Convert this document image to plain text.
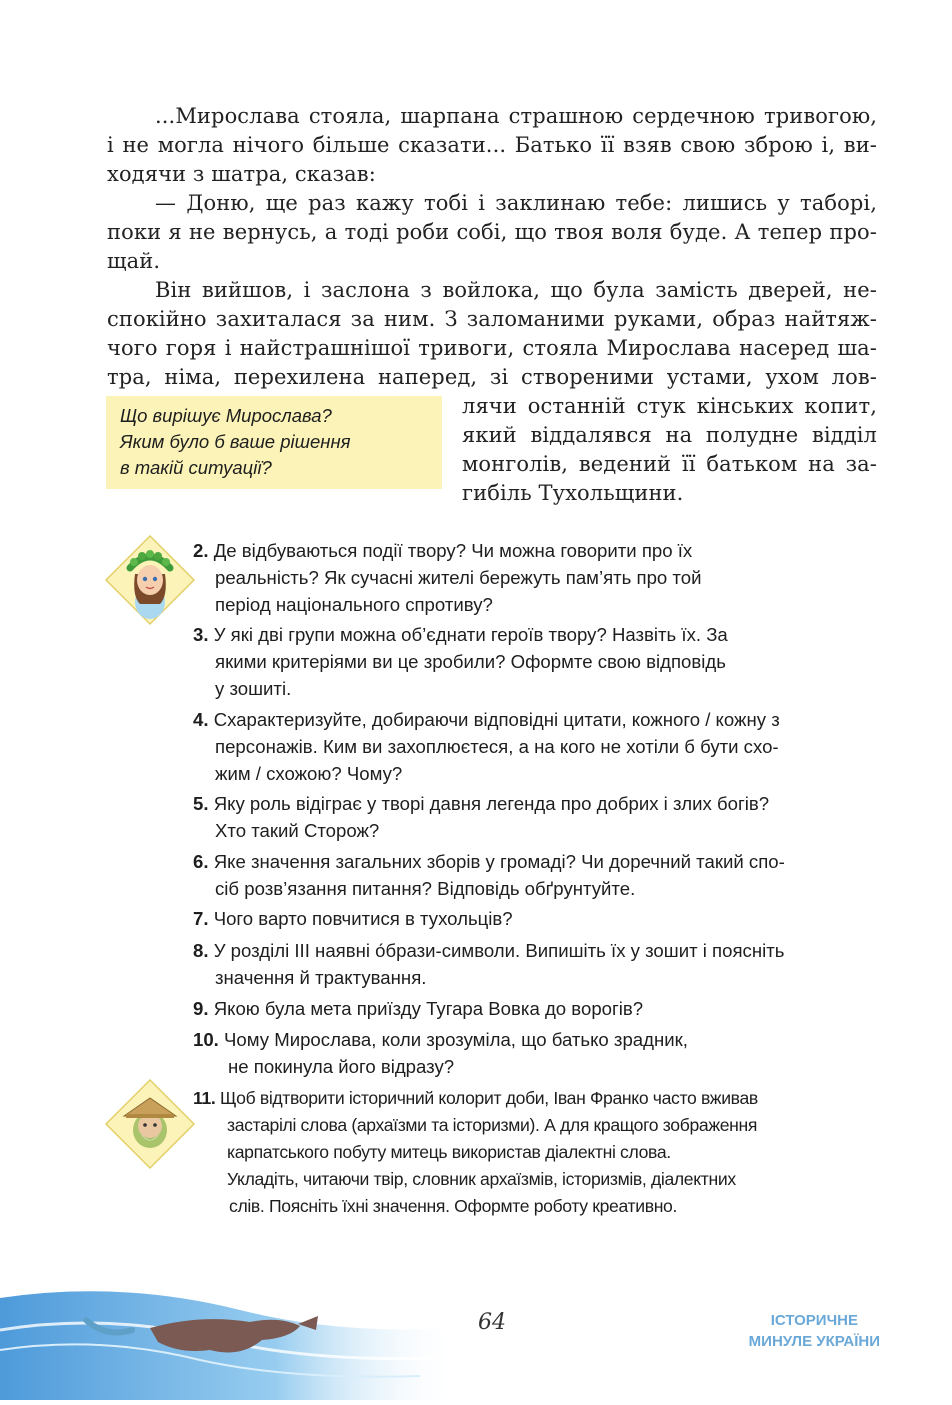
...Мирослава стояла, шарпана страшною сердечною тривогою,
і не могла нічого більше сказати... Батько її взяв свою зброю і, ви-
ходячи з шатра, сказав:
— Доню, ще раз кажу тобі і заклинаю тебе: лишись у таборі,
поки я не вернусь, а тоді роби собі, що твоя воля буде. А тепер про-
щай.
Він вийшов, і заслона з войлока, що була замість дверей, не-
спокійно захиталася за ним. З заломаними руками, образ найтяж-
чого горя і найстрашнішої тривоги, стояла Мирослава насеред ша-
тра, німа, перехилена наперед, зі створеними устами, ухом лов-
лячи останній стук кінських копит,
який віддалявся на полудне відділ
монголів, ведений її батьком на за-
гибіль Тухольщини.
Що вирішує Мирослава?
Яким було б ваше рішення
в такій ситуації?
2. Де відбуваються події твору? Чи можна говорити про їх
реальність? Як сучасні жителі бережуть пам’ять про той
період національного спротиву?
3. У які дві групи можна об’єднати героїв твору? Назвіть їх. За
якими критеріями ви це зробили? Оформте свою відповідь
у зошиті.
4. Схарактеризуйте, добираючи відповідні цитати, кожного / кожну з
персонажів. Ким ви захоплюєтеся, а на кого не хотіли б бути схо-
жим / схожою? Чому?
5. Яку роль відіграє у творі давня легенда про добрих і злих богів?
Хто такий Сторож?
6. Яке значення загальних зборів у громаді? Чи доречний такий спо-
сіб розв’язання питання? Відповідь обґрунтуйте.
7. Чого варто повчитися в тухольців?
8. У розділі ІІІ наявні о́брази-символи. Випишіть їх у зошит і поясніть
значення й трактування.
9. Якою була мета приїзду Тугара Вовка до ворогів?
10. Чому Мирослава, коли зрозуміла, що батько зрадник,
не покинула його відразу?
11. Щоб відтворити історичний колорит доби, Іван Франко часто вживав
застарілі слова (архаїзми та історизми). А для кращого зображення
карпатського побуту митець використав діалектні слова.
Укладіть, читаючи твір, словник архаїзмів, історизмів, діалектних
слів. Поясніть їхні значення. Оформте роботу креативно.
64	ІСТОРИЧНЕ
МИНУЛЕ УКРАЇНИ
